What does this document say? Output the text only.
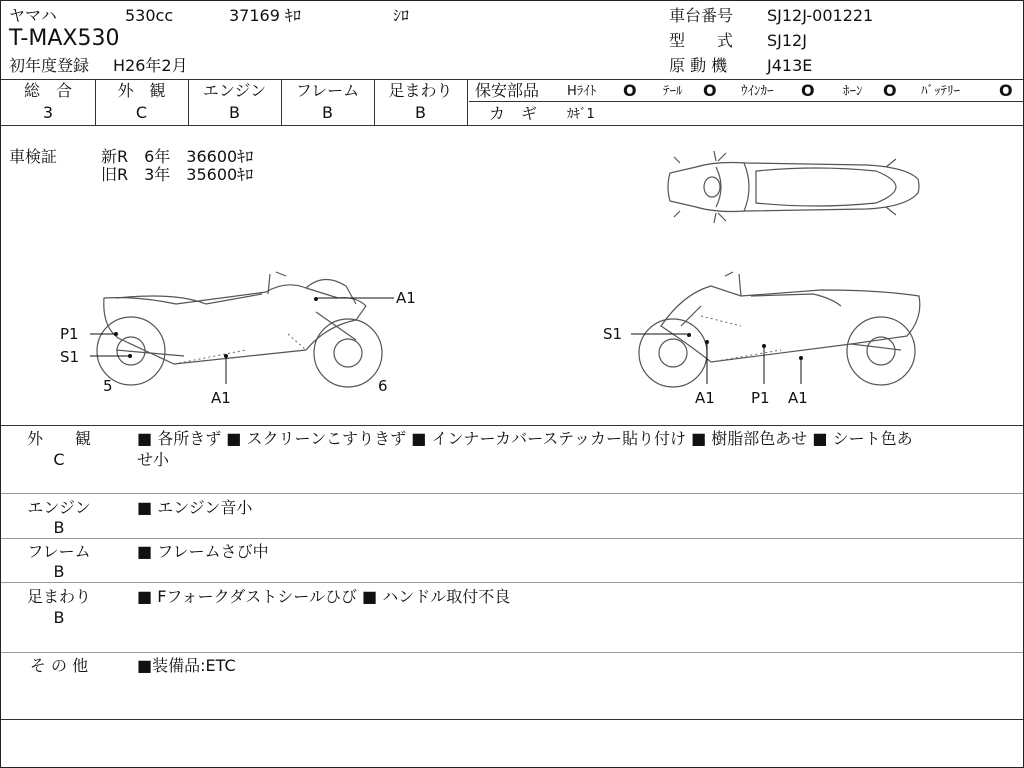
ヤマハ	530cc	37169 ｷﾛ	ｼﾛ
T-MAX530
初年度登録 H26年2月
車台番号 SJ12J-001221
型　　式 SJ12J
原 動 機 J413E
総　合
3
外　観
C
エンジン
B
フレーム
B
足まわり
B
保安部品 Hﾗｲﾄ O ﾃｰﾙ O ｳｲﾝｶｰ O ﾎｰﾝ O ﾊﾞｯﾃﾘｰ O
カ　ギ ｶｷﾞ1
車検証	新R　6年　36600ｷﾛ
旧R　3年　35600ｷﾛ
A1
P1
S1
5
A1
6
S1
A1 P1 A1
外　　観
C
■ 各所きず ■ スクリーンこすりきず ■ インナーカバーステッカー貼り付け ■ 樹脂部色あせ ■ シート色あ
せ小
エンジン
B
■ エンジン音小
フレーム
B
■ フレームさび中
足まわり
B
■ Fフォークダストシールひび ■ ハンドル取付不良
そ の 他	■装備品:ETC
